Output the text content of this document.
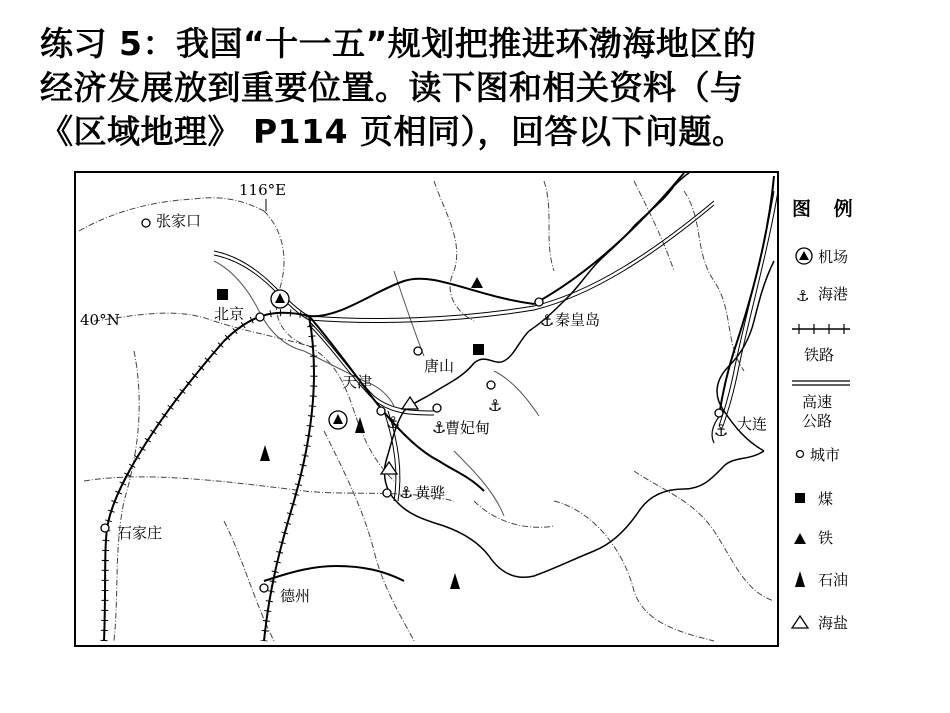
练习 5：我国“十一五”规划把推进环渤海地区的
经济发展放到重要位置。读下图和相关资料（与
《区域地理》 P114 页相同），回答以下问题。
116°E
40°N
张家口
北京
天津
唐山
秦皇岛
曹妃甸
黄骅
石家庄
德州
大连
⚓
⚓
⚓
⚓
⚓
⚓
图 例
机场
⚓ 海港
铁路
高速
公路
城市
煤
铁
石油
海盐
